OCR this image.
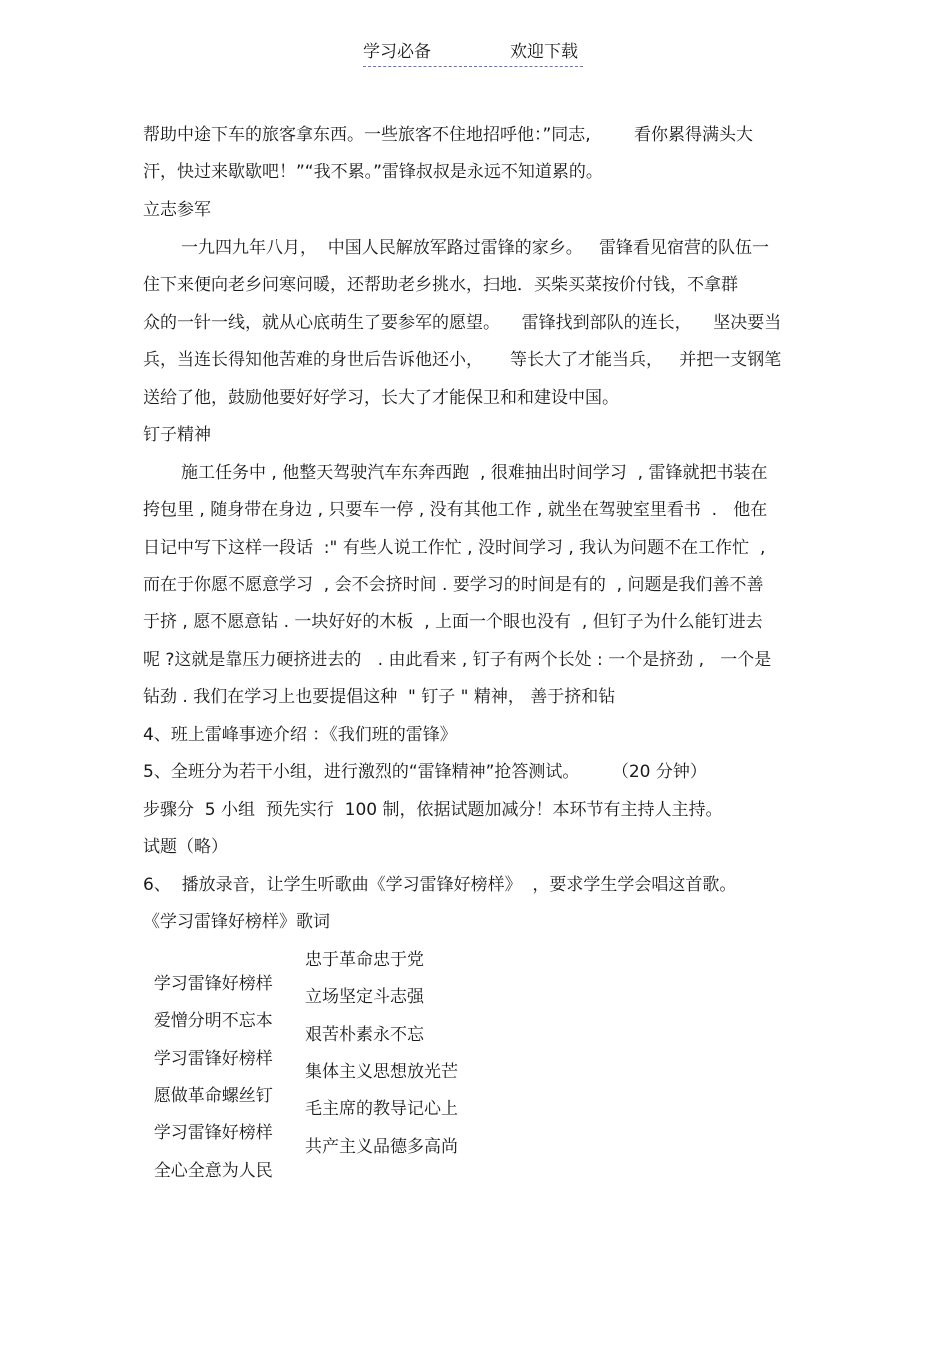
学习必备	欢迎下载
帮助中途下车的旅客拿东西。一些旅客不住地招呼他：”同志,        看你累得满头大
汗，快过来歇歇吧！”“我不累。”雷锋叔叔是永远不知道累的。
立志参军
一九四九年八月，  中国人民解放军路过雷锋的家乡。   雷锋看见宿营的队伍一
住下来便向老乡问寒问暖，还帮助老乡挑水，扫地．买柴买菜按价付钱，不拿群
众的一针一线，就从心底萌生了要参军的愿望。    雷锋找到部队的连长，    坚决要当
兵，当连长得知他苦难的身世后告诉他还小，     等长大了才能当兵，   并把一支钢笔
送给了他，鼓励他要好好学习，长大了才能保卫和和建设中国。
钉子精神
施工任务中 , 他整天驾驶汽车东奔西跑  , 很难抽出时间学习  , 雷锋就把书装在
挎包里 , 随身带在身边 , 只要车一停 , 没有其他工作 , 就坐在驾驶室里看书  .   他在
日记中写下这样一段话  :" 有些人说工作忙 , 没时间学习 , 我认为问题不在工作忙  ,
而在于你愿不愿意学习  , 会不会挤时间 . 要学习的时间是有的  , 问题是我们善不善
于挤 , 愿不愿意钻 . 一块好好的木板  , 上面一个眼也没有  , 但钉子为什么能钉进去
呢 ?这就是靠压力硬挤进去的   . 由此看来 , 钉子有两个长处 : 一个是挤劲 ,   一个是
钻劲 . 我们在学习上也要提倡这种  " 钉子 " 精神， 善于挤和钻
4、班上雷峰事迹介绍 ：《我们班的雷锋》
5、全班分为若干小组，进行激烈的“雷锋精神”抢答测试。      （20 分钟）
步骤分  5 小组  预先实行  100 制，依据试题加减分！本环节有主持人主持。
试题（略）
6、  播放录音，让学生听歌曲《学习雷锋好榜样》  ，要求学生学会唱这首歌。
《学习雷锋好榜样》歌词

学习雷锋好榜样

忠于革命忠于党

爱憎分明不忘本

立场坚定斗志强

学习雷锋好榜样

艰苦朴素永不忘

愿做革命螺丝钉

集体主义思想放光芒

学习雷锋好榜样

毛主席的教导记心上

全心全意为人民

共产主义品德多高尚
